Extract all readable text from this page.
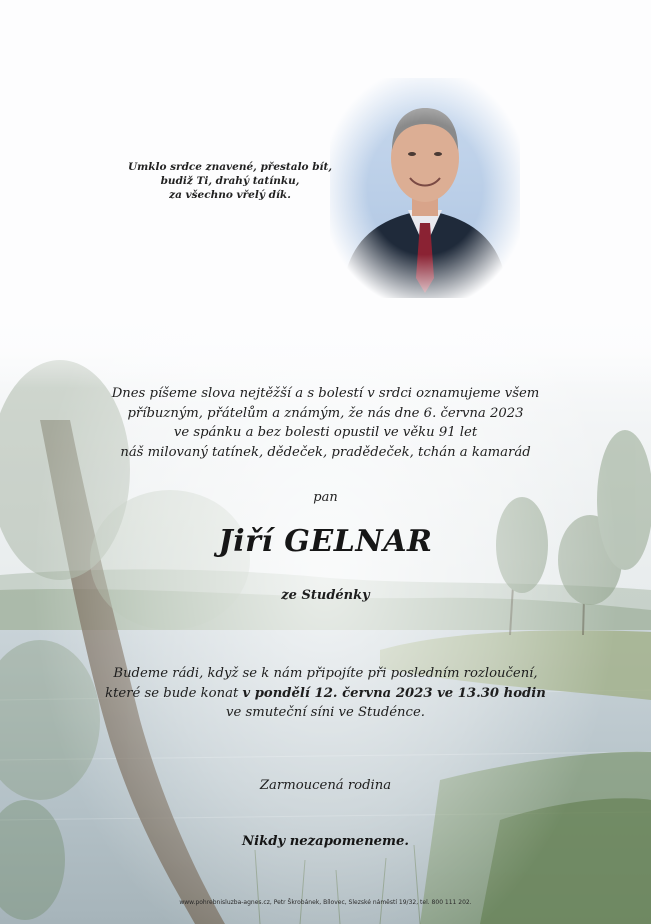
Umklo srdce znavené, přestalo bít,
budiž Ti, drahý tatínku,
za všechno vřelý dík.
Dnes píšeme slova nejtěžší a s bolestí v srdci oznamujeme všem
příbuzným, přátelům a známým, že nás dne 6. června 2023
ve spánku a bez bolesti opustil ve věku 91 let
náš milovaný tatínek, dědeček, pradědeček, tchán a kamarád
pan
Jiří GELNAR
ze Studénky
Budeme rádi, když se k nám připojíte při posledním rozloučení,
které se bude konat v pondělí 12. června 2023 ve 13.30 hodin
ve smuteční síni ve Studénce.
Zarmoucená rodina
Nikdy nezapomeneme.
www.pohrebnisluzba-agnes.cz, Petr Škrobánek, Bílovec, Slezské náměstí 19/32, tel. 800 111 202.
